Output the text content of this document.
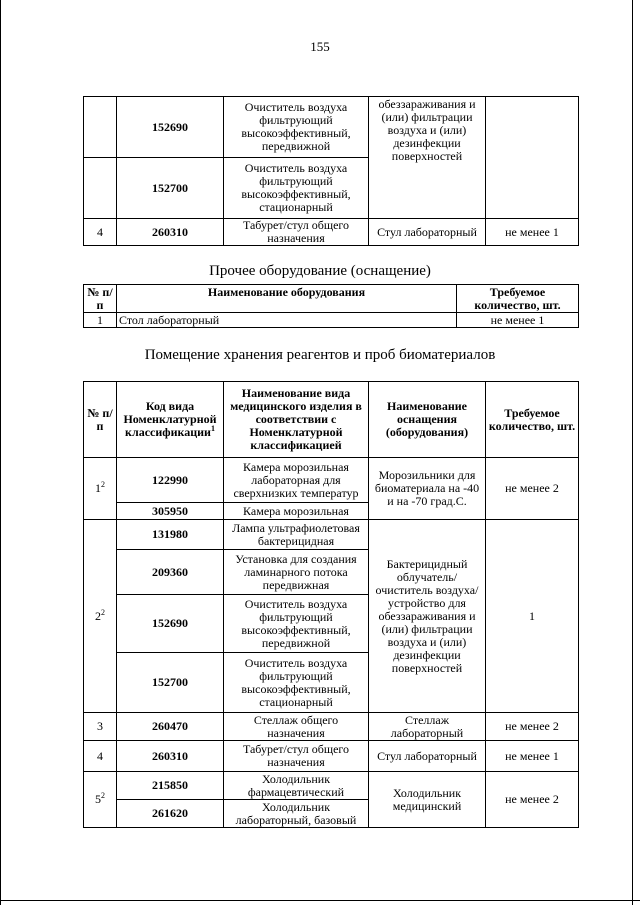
155
	152690	Очиститель воздуха фильтрующий высокоэффективный, передвижной	обеззараживания и (или) фильтрации воздуха и (или) дезинфекции поверхностей	
	152700	Очиститель воздуха фильтрующий высокоэффективный, стационарный		
4	260310	Табурет/стул общего назначения	Стул лабораторный	не менее 1
Прочее оборудование (оснащение)
№ п/п	Наименование оборудования	Требуемое количество, шт.
1	Стол лабораторный	не менее 1
Помещение хранения реагентов и проб биоматериалов
№ п/п	Код вида Номенклатурной классификации$^1$	Наименование вида медицинского изделия в соответствии с Номенклатурной классификацией	Наименование оснащения (оборудования)	Требуемое количество, шт.
$1^2$	122990	Камера морозильная лабораторная для сверхнизких температур	Морозильники для биоматериала на -40 и на -70 град.С.	не менее 2
	305950	Камера морозильная		
$2^2$	131980	Лампа ультрафиолетовая бактерицидная	Бактерицидный облучатель/ очиститель воздуха/ устройство для обеззараживания и (или) фильтрации воздуха и (или) дезинфекции поверхностей	1
	209360	Установка для создания ламинарного потока передвижная		
	152690	Очиститель воздуха фильтрующий высокоэффективный, передвижной		
	152700	Очиститель воздуха фильтрующий высокоэффективный, стационарный		
3	260470	Стеллаж общего назначения	Стеллаж лабораторный	не менее 2
4	260310	Табурет/стул общего назначения	Стул лабораторный	не менее 1
$5^2$	215850	Холодильник фармацевтический	Холодильник медицинский	не менее 2
	261620	Холодильник лабораторный, базовый		
